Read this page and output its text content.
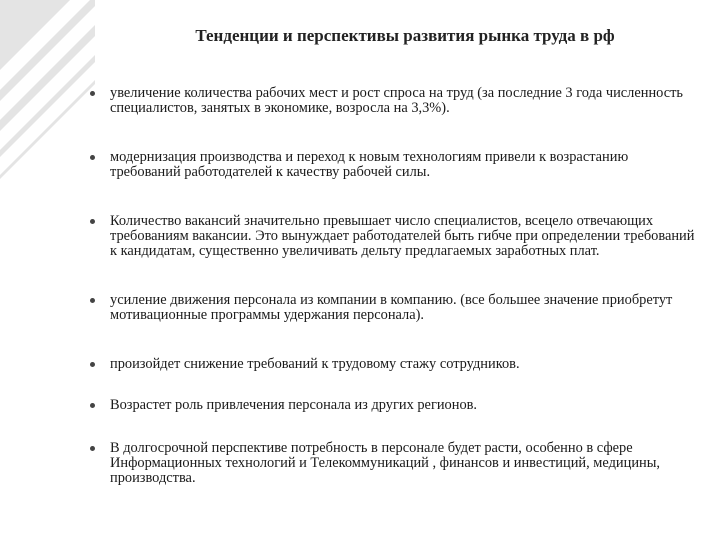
Тенденции и перспективы развития рынка труда в рф
увеличение количества рабочих мест и рост спроса на труд (за последние 3 года численность специалистов, занятых в экономике, возросла на 3,3%).
модернизация производства и переход к новым технологиям привели к возрастанию требований работодателей к качеству рабочей силы.
Количество вакансий значительно превышает число специалистов, всецело отвечающих требованиям вакансии. Это вынуждает работодателей быть гибче при определении требований к кандидатам, существенно увеличивать дельту предлагаемых заработных плат.
усиление движения персонала из компании в компанию. (все большее значение приобретут мотивационные программы удержания персонала).
произойдет снижение требований к трудовому стажу сотрудников.
Возрастет роль привлечения персонала из других регионов.
В долгосрочной перспективе потребность в персонале будет расти, особенно в сфере Информационных технологий и Телекоммуникаций , финансов и инвестиций, медицины, производства.
